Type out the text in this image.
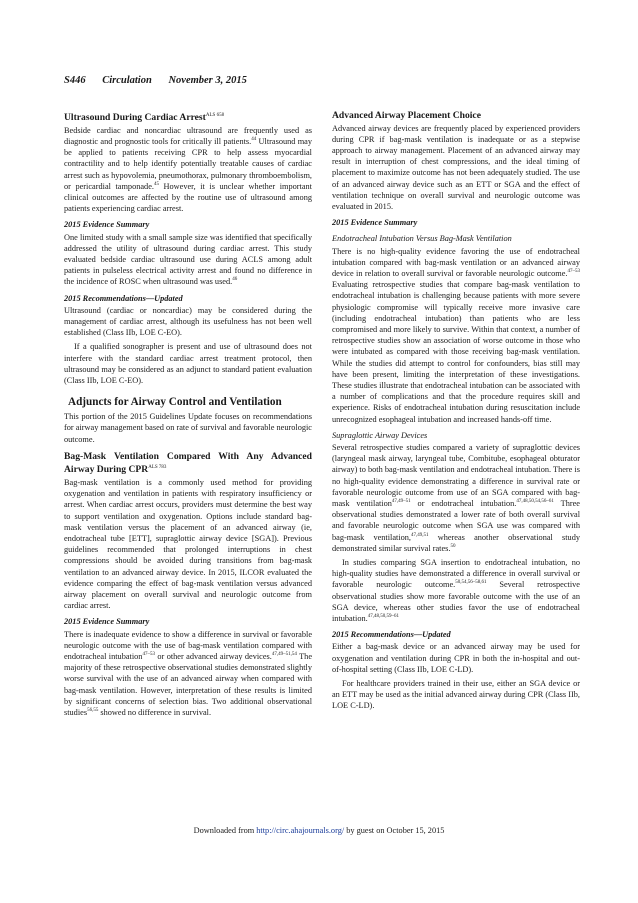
S446 Circulation November 3, 2015
Ultrasound During Cardiac Arrest$^{ALS 658}$

Bedside cardiac and noncardiac ultrasound are frequently used as diagnostic and prognostic tools for critically ill patients.$^{44}$ Ultrasound may be applied to patients receiving CPR to help assess myocardial contractility and to help identify potentially treatable causes of cardiac arrest such as hypovolemia, pneumothorax, pulmonary thromboembolism, or pericardial tamponade.$^{45}$ However, it is unclear whether important clinical outcomes are affected by the routine use of ultrasound among patients experiencing cardiac arrest.

2015 Evidence Summary

One limited study with a small sample size was identified that specifically addressed the utility of ultrasound during cardiac arrest. This study evaluated bedside cardiac ultrasound use during ACLS among adult patients in pulseless electrical activity arrest and found no difference in the incidence of ROSC when ultrasound was used.$^{46}$

2015 Recommendations—Updated

Ultrasound (cardiac or noncardiac) may be considered during the management of cardiac arrest, although its usefulness has not been well established (Class IIb, LOE C-EO).

If a qualified sonographer is present and use of ultrasound does not interfere with the standard cardiac arrest treatment protocol, then ultrasound may be considered as an adjunct to standard patient evaluation (Class IIb, LOE C-EO).

Adjuncts for Airway Control and Ventilation

This portion of the 2015 Guidelines Update focuses on recommendations for airway management based on rate of survival and favorable neurologic outcome.

Bag-Mask Ventilation Compared With Any Advanced Airway During $CPR^{ALS 783}$

Bag-mask ventilation is a commonly used method for providing oxygenation and ventilation in patients with respiratory insufficiency or arrest. When cardiac arrest occurs, providers must determine the best way to support ventilation and oxygenation. Options include standard bag-mask ventilation versus the placement of an advanced airway (ie, endotracheal tube [ETT], supraglottic airway device [SGA]). Previous guidelines recommended that prolonged interruptions in chest compressions should be avoided during transitions from bag-mask ventilation to an advanced airway device. In 2015, ILCOR evaluated the evidence comparing the effect of bag-mask ventilation versus advanced airway placement on overall survival and neurologic outcome from cardiac arrest.

2015 Evidence Summary

There is inadequate evidence to show a difference in survival or favorable neurologic outcome with the use of bag-mask ventilation compared with endotracheal intubation$^{47-53}$ or other advanced airway devices.$^{47,49-51,54}$ The majority of these retrospective observational studies demonstrated slightly worse survival with the use of an advanced airway when compared with bag-mask ventilation. However, interpretation of these results is limited by significant concerns of selection bias. Two additional observational studies$^{56,55}$ showed no difference in survival.

Advanced Airway Placement Choice

Advanced airway devices are frequently placed by experienced providers during CPR if bag-mask ventilation is inadequate or as a stepwise approach to airway management. Placement of an advanced airway may result in interruption of chest compressions, and the ideal timing of placement to maximize outcome has not been adequately studied. The use of an advanced airway device such as an ETT or SGA and the effect of ventilation technique on overall survival and neurologic outcome was evaluated in 2015.

2015 Evidence Summary
Endotracheal Intubation Versus Bag-Mask Ventilation

There is no high-quality evidence favoring the use of endotracheal intubation compared with bag-mask ventilation or an advanced airway device in relation to overall survival or favorable neurologic outcome.$^{47-53}$ Evaluating retrospective studies that compare bag-mask ventilation to endotracheal intubation is challenging because patients with more severe physiologic compromise will typically receive more invasive care (including endotracheal intubation) than patients who are less compromised and more likely to survive. Within that context, a number of retrospective studies show an association of worse outcome in those who were intubated as compared with those receiving bag-mask ventilation. While the studies did attempt to control for confounders, bias still may have been present, limiting the interpretation of these investigations. These studies illustrate that endotracheal intubation can be associated with a number of complications and that the procedure requires skill and experience. Risks of endotracheal intubation during resuscitation include unrecognized esophageal intubation and increased hands-off time.

Supraglottic Airway Devices

Several retrospective studies compared a variety of supraglottic devices (laryngeal mask airway, laryngeal tube, Combitube, esophageal obturator airway) to both bag-mask ventilation and endotracheal intubation. There is no high-quality evidence demonstrating a difference in survival rate or favorable neurologic outcome from use of an SGA compared with bag-mask ventilation$^{47,49-51}$ or endotracheal intubation.$^{47,48,50,54,56-61}$ Three observational studies demonstrated a lower rate of both overall survival and favorable neurologic outcome when SGA use was compared with bag-mask ventilation,$^{47,49,51}$ whereas another observational study demonstrated similar survival rates.$^{50}$

In studies comparing SGA insertion to endotracheal intubation, no high-quality studies have demonstrated a difference in overall survival or favorable neurologic outcome.$^{50,54,56-58,61}$ Several retrospective observational studies show more favorable outcome with the use of an SGA device, whereas other studies favor the use of endotracheal intubation.$^{47,48,50,59-61}$

2015 Recommendations—Updated

Either a bag-mask device or an advanced airway may be used for oxygenation and ventilation during CPR in both the in-hospital and out-of-hospital setting (Class IIb, LOE C-LD).

For healthcare providers trained in their use, either an SGA device or an ETT may be used as the initial advanced airway during CPR (Class IIb, LOE C-LD).

Downloaded from http://circ.ahajournals.org/ by guest on October 15, 2015
